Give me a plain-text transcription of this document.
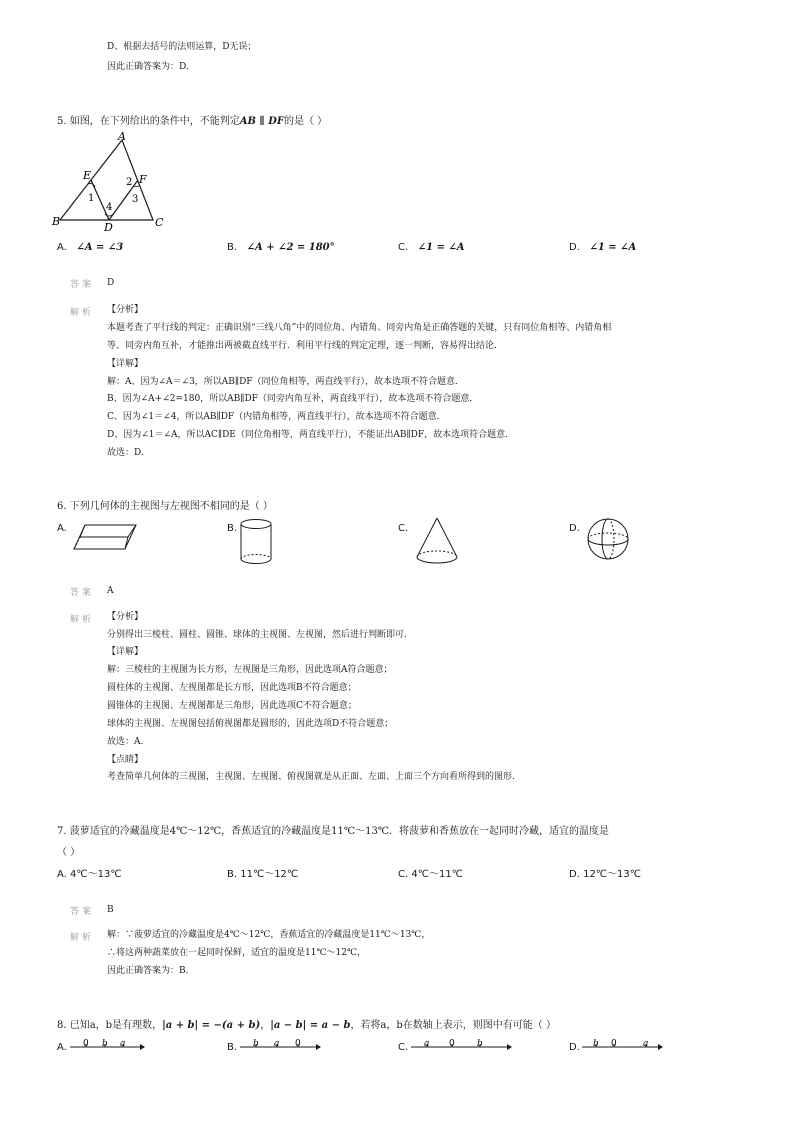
D、根据去括号的法则运算，D无误；
因此正确答案为：D.
5. 如图，在下列给出的条件中，不能判定AB ∥ DF的是（ ）
A
E	F
B	D	C
1
2
3
4
A. ∠A = ∠3	B. ∠A + ∠2 = 180°	C. ∠1 = ∠A	D. ∠1 = ∠A
答案 D
解析 【分析】
本题考查了平行线的判定：正确识别“三线八角”中的同位角、内错角、同旁内角是正确答题的关键，只有同位角相等、内错角相
等、同旁内角互补，才能推出两被截直线平行．利用平行线的判定定理，逐一判断，容易得出结论．
【详解】
解：A、因为∠A＝∠3，所以AB∥DF（同位角相等，两直线平行），故本选项不符合题意．
B、因为∠A+∠2=180，所以AB∥DF（同旁内角互补，两直线平行），故本选项不符合题意．
C、因为∠1＝∠4，所以AB∥DF（内错角相等，两直线平行），故本选项不符合题意．
D、因为∠1＝∠A，所以AC∥DE（同位角相等，两直线平行），不能证出AB∥DF，故本选项符合题意．
故选：D.
6. 下列几何体的主视图与左视图不相同的是（ ）
A.	B.	C.	D.
答案 A
解析 【分析】
分别得出三棱柱、圆柱、圆锥、球体的主视图、左视图，然后进行判断即可．
【详解】
解：三棱柱的主视图为长方形，左视图是三角形，因此选项A符合题意；
圆柱体的主视图、左视图都是长方形，因此选项B不符合题意；
圆锥体的主视图、左视图都是三角形，因此选项C不符合题意；
球体的主视图、左视图包括俯视图都是圆形的，因此选项D不符合题意；
故选：A．
【点睛】
考查简单几何体的三视图，主视图、左视图、俯视图就是从正面、左面、上面三个方向看所得到的图形．
7. 菠萝适宜的冷藏温度是4℃～12℃，香蕉适宜的冷藏温度是11℃～13℃．将菠萝和香蕉放在一起同时冷藏，适宜的温度是
（ ）
A. 4℃～13℃	B. 11℃～12℃	C. 4℃～11℃	D. 12℃～13℃
答案 B
解析 解：∵菠萝适宜的冷藏温度是4℃～12℃，香蕉适宜的冷藏温度是11℃～13℃，
∴将这两种蔬菜放在一起同时保鲜，适宜的温度是11℃～12℃，
因此正确答案为：B.
8. 已知a，b是有理数，|a + b| = −(a + b)，|a − b| = a − b，若将a，b在数轴上表示，则图中有可能（ ）
A. 0 b a	B. b a 0	C. a 0 b	D. b 0	a
